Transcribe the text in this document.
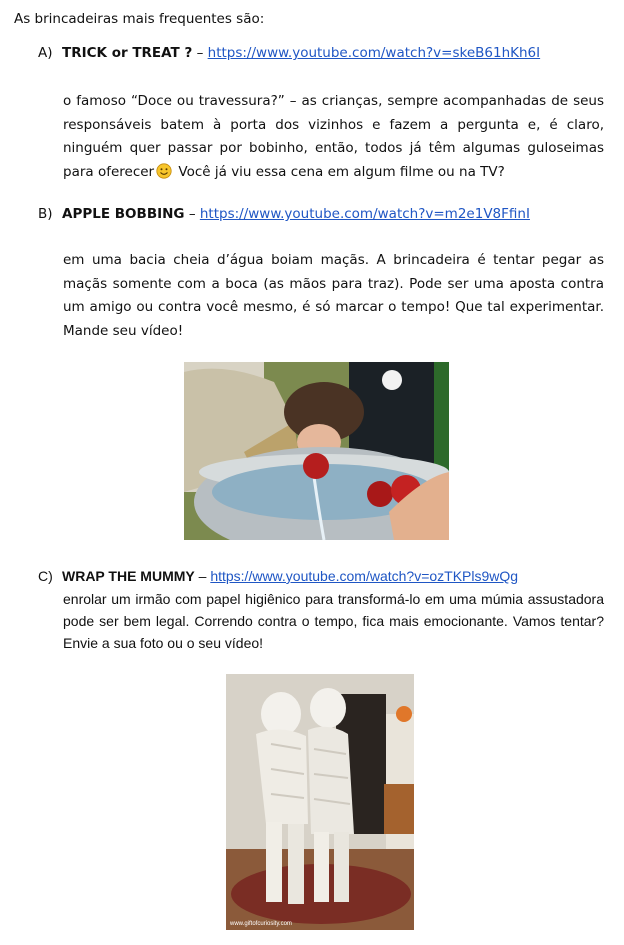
As brincadeiras mais frequentes são:
A) TRICK or TREAT ? – https://www.youtube.com/watch?v=skeB61hKh6I
o famoso “Doce ou travessura?” – as crianças, sempre acompanhadas de seus responsáveis batem à porta dos vizinhos e fazem a pergunta e, é claro, ninguém quer passar por bobinho, então, todos já têm algumas guloseimas para oferecer Você já viu essa cena em algum filme ou na TV?
B) APPLE BOBBING – https://www.youtube.com/watch?v=m2e1V8FfinI
em uma bacia cheia d’água boiam maçãs. A brincadeira é tentar pegar as maçãs somente com a boca (as mãos para traz). Pode ser uma aposta contra um amigo ou contra você mesmo, é só marcar o tempo! Que tal experimentar. Mande seu vídeo!
C) WRAP THE MUMMY – https://www.youtube.com/watch?v=ozTKPls9wQg
enrolar um irmão com papel higiênico para transformá-lo em uma múmia assustadora pode ser bem legal. Correndo contra o tempo, fica mais emocionante. Vamos tentar? Envie a sua foto ou o seu vídeo!
www.giftofcuriosity.com
